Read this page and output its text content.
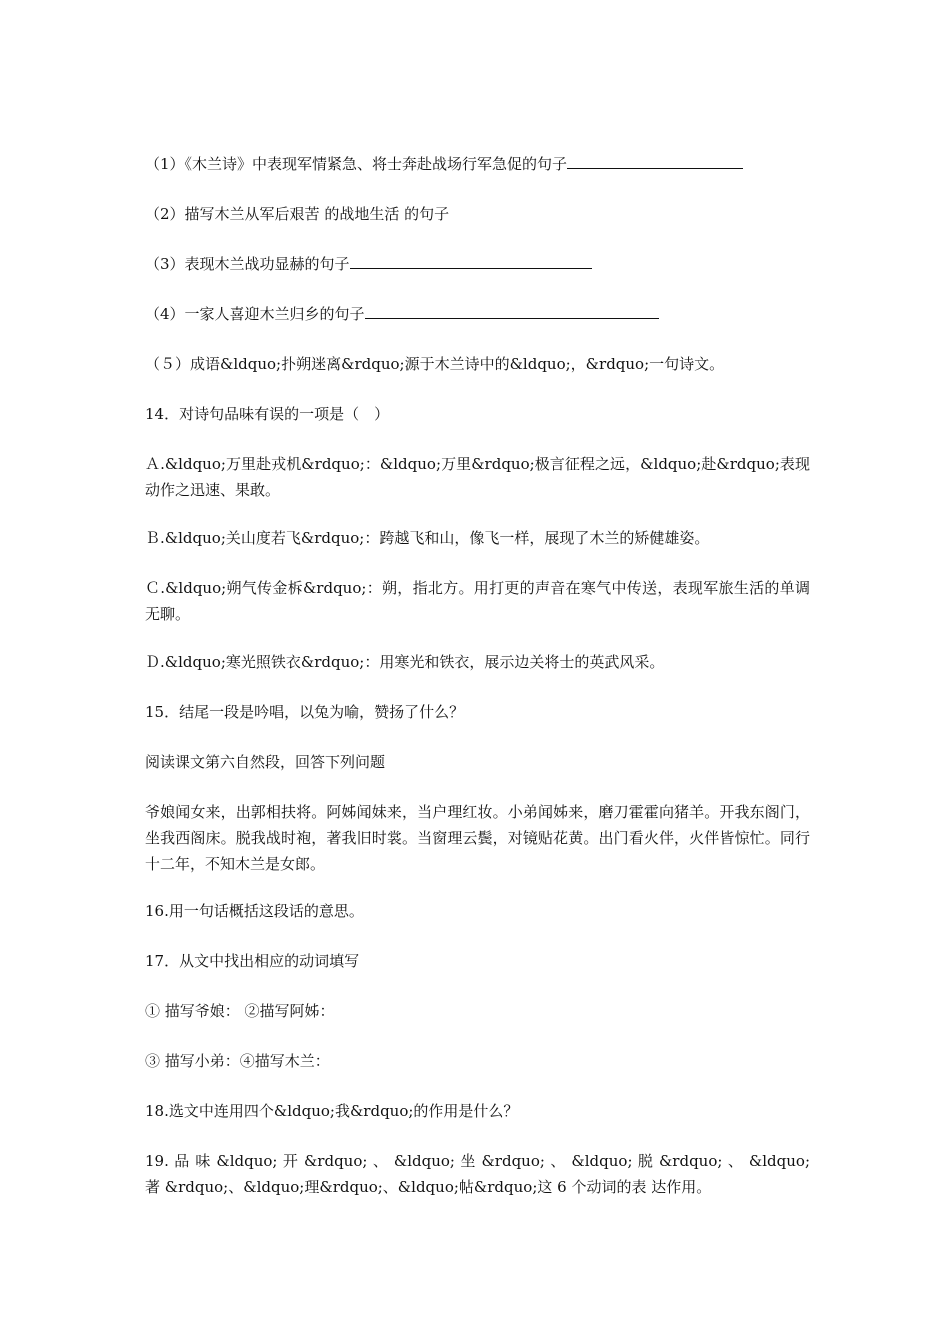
（1）《木兰诗》中表现军情紧急、将士奔赴战场行军急促的句子
（2）描写木兰从军后艰苦 的战地生活 的句子
（3）表现木兰战功显赫的句子
（4）一家人喜迎木兰归乡的句子
（５）成语&ldquo;扑朔迷离&rdquo;源于木兰诗中的&ldquo;，&rdquo;一句诗文。
14．对诗句品味有误的一项是（　）
Ａ.&ldquo;万里赴戎机&rdquo;：&ldquo;万里&rdquo;极言征程之远，&ldquo;赴&rdquo;表现动作之迅速、果敢。
Ｂ.&ldquo;关山度若飞&rdquo;：跨越飞和山，像飞一样，展现了木兰的矫健雄姿。
Ｃ.&ldquo;朔气传金柝&rdquo;：朔，指北方。用打更的声音在寒气中传送，表现军旅生活的单调无聊。
Ｄ.&ldquo;寒光照铁衣&rdquo;：用寒光和铁衣，展示边关将士的英武风采。
15．结尾一段是吟唱，以兔为喻，赞扬了什么？
阅读课文第六自然段，回答下列问题
爷娘闻女来，出郭相扶将。阿姊闻妹来，当户理红妆。小弟闻姊来，磨刀霍霍向猪羊。开我东阁门，坐我西阁床。脱我战时袍，著我旧时裳。当窗理云鬓，对镜贴花黄。出门看火伴，火伴皆惊忙。同行十二年，不知木兰是女郎。
16.用一句话概括这段话的意思。
17．从文中找出相应的动词填写
① 描写爷娘： ②描写阿姊：
③ 描写小弟：④描写木兰：
18.选文中连用四个&ldquo;我&rdquo;的作用是什么？
19. 品 味 &ldquo; 开 &rdquo; 、 &ldquo; 坐 &rdquo; 、 &ldquo; 脱 &rdquo; 、 &ldquo; 著 &rdquo;、&ldquo;理&rdquo;、&ldquo;帖&rdquo;这 6 个动词的表 达作用。
